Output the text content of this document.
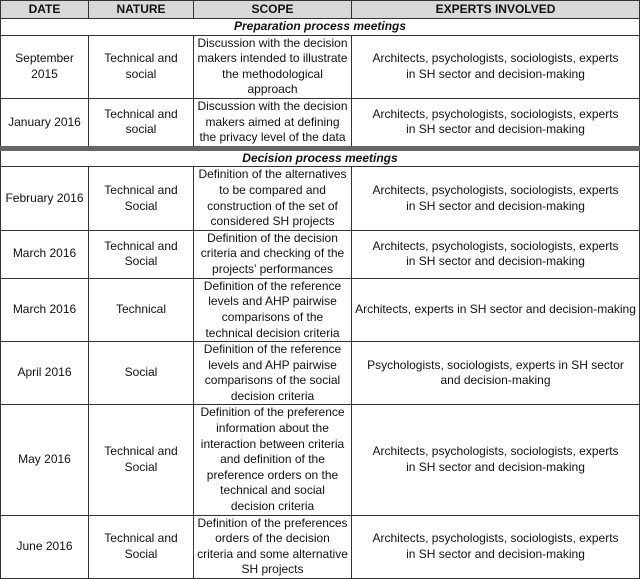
DATE	NATURE	SCOPE	EXPERTS INVOLVED
Preparation process meetings			
September 2015	Technical and social	Discussion with the decision makers intended to illustrate the methodological approach	Architects, psychologists, sociologists, experts in SH sector and decision-making
January 2016	Technical and social	Discussion with the decision makers aimed at defining the privacy level of the data	Architects, psychologists, sociologists, experts in SH sector and decision-making
Decision process meetings			
February 2016	Technical and Social	Definition of the alternatives to be compared and construction of the set of considered SH projects	Architects, psychologists, sociologists, experts in SH sector and decision-making
March 2016	Technical and Social	Definition of the decision criteria and checking of the projects’ performances	Architects, psychologists, sociologists, experts in SH sector and decision-making
March 2016	Technical	Definition of the reference levels and AHP pairwise comparisons of the technical decision criteria	Architects, experts in SH sector and decision-making
April 2016	Social	Definition of the reference levels and AHP pairwise comparisons of the social decision criteria	Psychologists, sociologists, experts in SH sector and decision-making
May 2016	Technical and Social	Definition of the preference information about the interaction between criteria and definition of the preference orders on the technical and social decision criteria	Architects, psychologists, sociologists, experts in SH sector and decision-making
June 2016	Technical and Social	Definition of the preferences orders of the decision criteria and some alternative SH projects	Architects, psychologists, sociologists, experts in SH sector and decision-making
